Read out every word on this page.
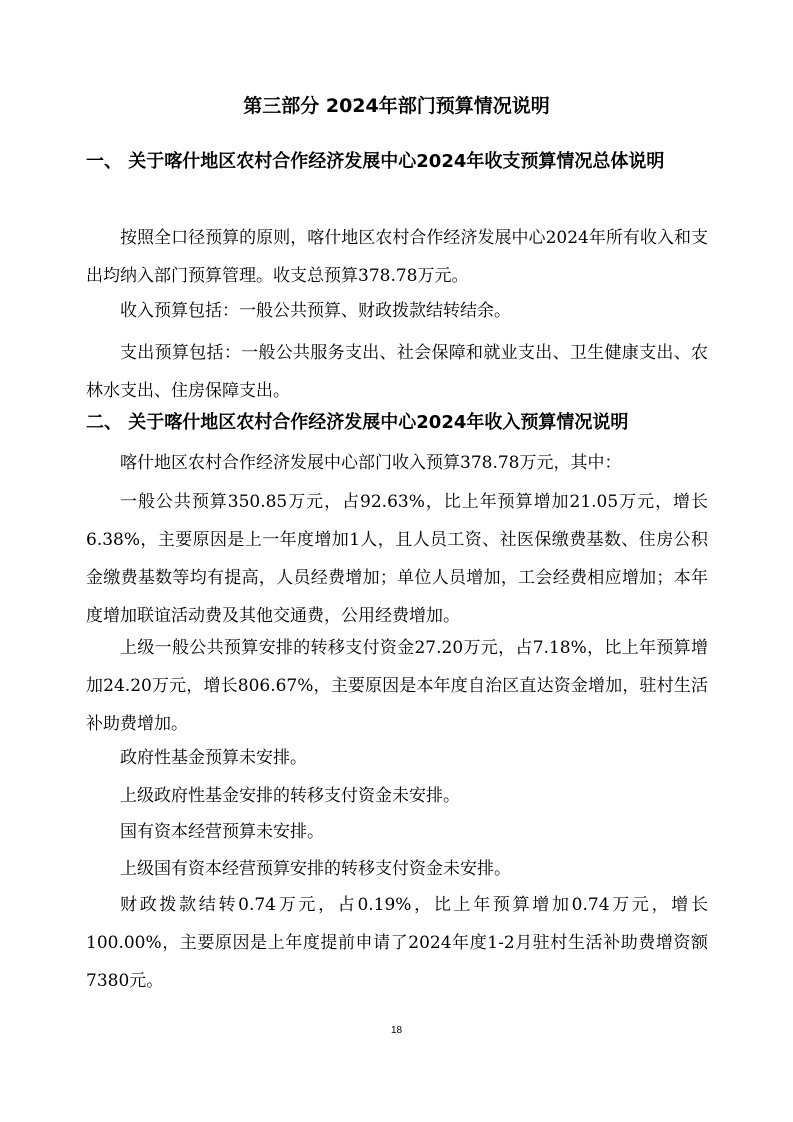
第三部分 2024年部门预算情况说明
一、 关于喀什地区农村合作经济发展中心2024年收支预算情况总体说明
按照全口径预算的原则，喀什地区农村合作经济发展中心2024年所有收入和支出均纳入部门预算管理。收支总预算378.78万元。
收入预算包括：一般公共预算、财政拨款结转结余。
支出预算包括：一般公共服务支出、社会保障和就业支出、卫生健康支出、农林水支出、住房保障支出。
二、 关于喀什地区农村合作经济发展中心2024年收入预算情况说明
喀什地区农村合作经济发展中心部门收入预算378.78万元，其中：
一般公共预算350.85万元，占92.63%，比上年预算增加21.05万元，增长6.38%，主要原因是上一年度增加1人，且人员工资、社医保缴费基数、住房公积金缴费基数等均有提高，人员经费增加；单位人员增加，工会经费相应增加；本年度增加联谊活动费及其他交通费，公用经费增加。
上级一般公共预算安排的转移支付资金27.20万元，占7.18%，比上年预算增加24.20万元，增长806.67%，主要原因是本年度自治区直达资金增加，驻村生活补助费增加。
政府性基金预算未安排。
上级政府性基金安排的转移支付资金未安排。
国有资本经营预算未安排。
上级国有资本经营预算安排的转移支付资金未安排。
财政拨款结转0.74万元，占0.19%，比上年预算增加0.74万元，增长100.00%，主要原因是上年度提前申请了2024年度1-2月驻村生活补助费增资额7380元。
18
